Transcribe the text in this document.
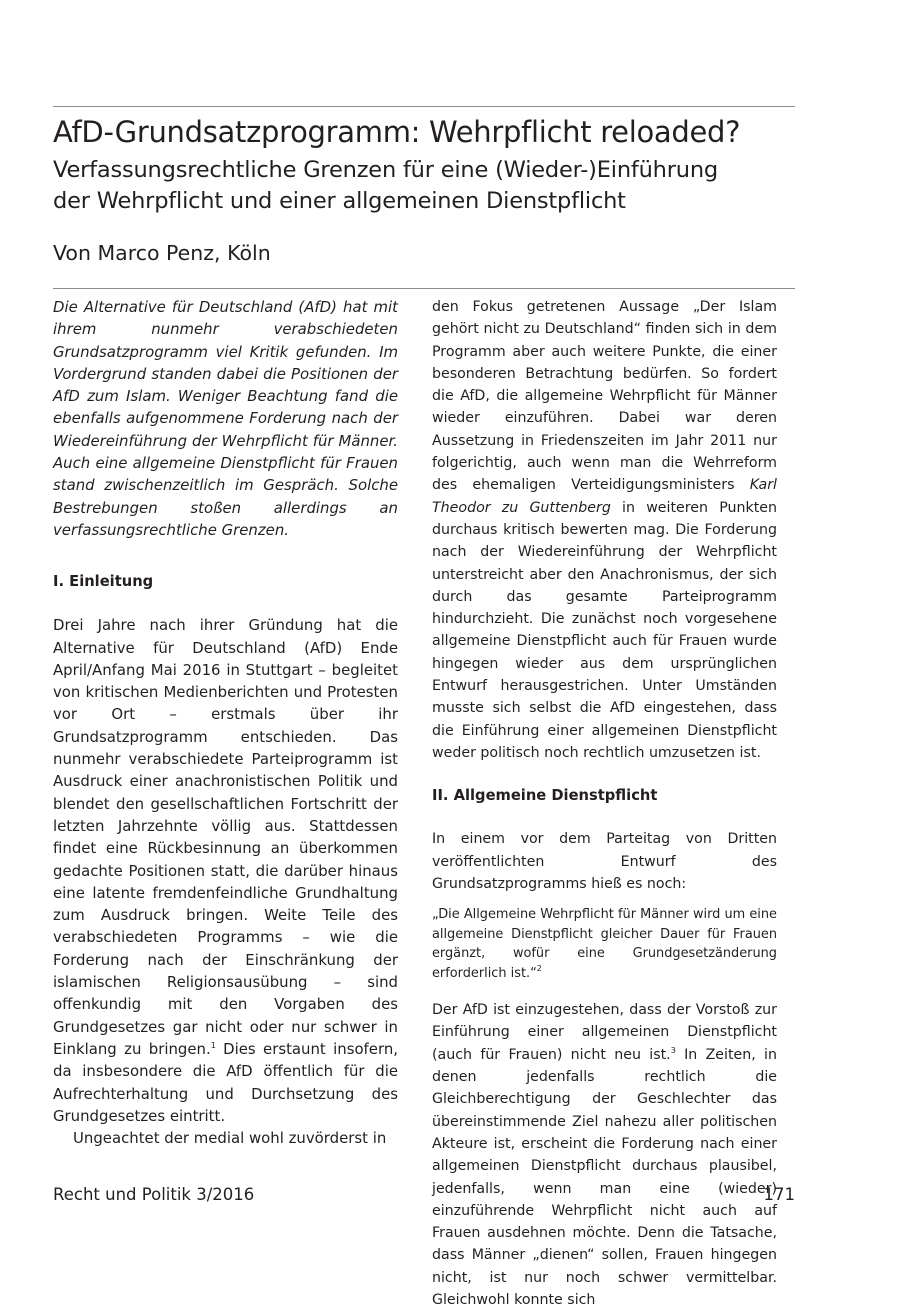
AfD-Grundsatzprogramm: Wehrpflicht reloaded?
Verfassungsrechtliche Grenzen für eine (Wieder-)Einführung
der Wehrpflicht und einer allgemeinen Dienstpflicht
Von Marco Penz, Köln

Die Alternative für Deutschland (AfD) hat mit ihrem nunmehr verabschiedeten Grundsatzprogramm viel Kritik gefunden. Im Vordergrund standen dabei die Positionen der AfD zum Islam. Weniger Beachtung fand die ebenfalls aufgenommene Forderung nach der Wiedereinführung der Wehrpflicht für Männer. Auch eine allgemeine Dienstpflicht für Frauen stand zwischenzeitlich im Gespräch. Solche Bestrebungen stoßen allerdings an verfassungsrechtliche Grenzen.

I. Einleitung

Drei Jahre nach ihrer Gründung hat die Alternative für Deutschland (AfD) Ende April/Anfang Mai 2016 in Stuttgart – begleitet von kritischen Medienberichten und Protesten vor Ort – erstmals über ihr Grundsatzprogramm entschieden. Das nunmehr verabschiedete Parteiprogramm ist Ausdruck einer anachronistischen Politik und blendet den gesellschaftlichen Fortschritt der letzten Jahrzehnte völlig aus. Stattdessen findet eine Rückbesinnung an überkommen gedachte Positionen statt, die darüber hinaus eine latente fremdenfeindliche Grundhaltung zum Ausdruck bringen. Weite Teile des verabschiedeten Programms – wie die Forderung nach der Einschränkung der islamischen Religionsausübung – sind offenkundig mit den Vorgaben des Grundgesetzes gar nicht oder nur schwer in Einklang zu bringen.$^1$ Dies erstaunt insofern, da insbesondere die AfD öffentlich für die Aufrechterhaltung und Durchsetzung des Grundgesetzes eintritt.

Ungeachtet der medial wohl zuvörderst in

den Fokus getretenen Aussage „Der Islam gehört nicht zu Deutschland“ finden sich in dem Programm aber auch weitere Punkte, die einer besonderen Betrachtung bedürfen. So fordert die AfD, die allgemeine Wehrpflicht für Männer wieder einzuführen. Dabei war deren Aussetzung in Friedenszeiten im Jahr 2011 nur folgerichtig, auch wenn man die Wehrreform des ehemaligen Verteidigungsministers Karl Theodor zu Guttenberg in weiteren Punkten durchaus kritisch bewerten mag. Die Forderung nach der Wiedereinführung der Wehrpflicht unterstreicht aber den Anachronismus, der sich durch das gesamte Parteiprogramm hindurchzieht. Die zunächst noch vorgesehene allgemeine Dienstpflicht auch für Frauen wurde hingegen wieder aus dem ursprünglichen Entwurf herausgestrichen. Unter Umständen musste sich selbst die AfD eingestehen, dass die Einführung einer allgemeinen Dienstpflicht weder politisch noch rechtlich umzusetzen ist.

II. Allgemeine Dienstpflicht

In einem vor dem Parteitag von Dritten veröffentlichten Entwurf des Grundsatzprogramms hieß es noch:

„Die Allgemeine Wehrpflicht für Männer wird um eine allgemeine Dienstpflicht gleicher Dauer für Frauen ergänzt, wofür eine Grundgesetzänderung erforderlich ist.“$^2$

Der AfD ist einzugestehen, dass der Vorstoß zur Einführung einer allgemeinen Dienstpflicht (auch für Frauen) nicht neu ist.$^3$ In Zeiten, in denen jedenfalls rechtlich die Gleichberechtigung der Geschlechter das übereinstimmende Ziel nahezu aller politischen Akteure ist, erscheint die Forderung nach einer allgemeinen Dienstpflicht durchaus plausibel, jedenfalls, wenn man eine (wieder) einzuführende Wehrpflicht nicht auch auf Frauen ausdehnen möchte. Denn die Tatsache, dass Männer „dienen“ sollen, Frauen hingegen nicht, ist nur noch schwer vermittelbar. Gleichwohl konnte sich

Recht und Politik 3/2016	171
